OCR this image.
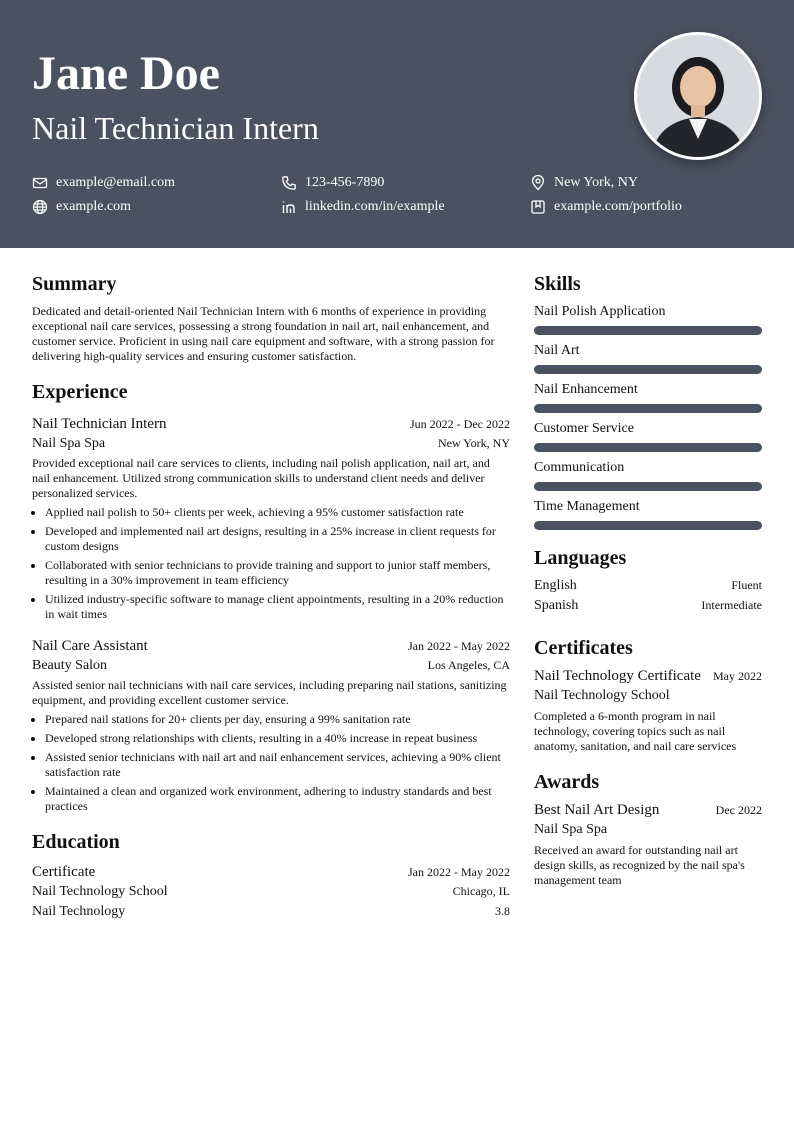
Jane Doe
Nail Technician Intern
example@email.com	123-456-7890	New York, NY
example.com	linkedin.com/in/example	example.com/portfolio
Summary

Dedicated and detail-oriented Nail Technician Intern with 6 months of experience in providing exceptional nail care services, possessing a strong foundation in nail art, nail enhancement, and customer service. Proficient in using nail care equipment and software, with a strong passion for delivering high-quality services and ensuring customer satisfaction.

Experience
Nail Technician Intern	Jun 2022 - Dec 2022
Nail Spa Spa	New York, NY

Provided exceptional nail care services to clients, including nail polish application, nail art, and nail enhancement. Utilized strong communication skills to understand client needs and deliver personalized services.

• Applied nail polish to 50+ clients per week, achieving a 95% customer satisfaction rate
• Developed and implemented nail art designs, resulting in a 25% increase in client requests for custom designs
• Collaborated with senior technicians to provide training and support to junior staff members, resulting in a 30% improvement in team efficiency
• Utilized industry-specific software to manage client appointments, resulting in a 20% reduction in wait times
Nail Care Assistant	Jan 2022 - May 2022
Beauty Salon	Los Angeles, CA

Assisted senior nail technicians with nail care services, including preparing nail stations, sanitizing equipment, and providing excellent customer service.

• Prepared nail stations for 20+ clients per day, ensuring a 99% sanitation rate
• Developed strong relationships with clients, resulting in a 40% increase in repeat business
• Assisted senior technicians with nail art and nail enhancement services, achieving a 90% client satisfaction rate
• Maintained a clean and organized work environment, adhering to industry standards and best practices
Education
Certificate	Jan 2022 - May 2022
Nail Technology School	Chicago, IL
Nail Technology	3.8
Skills
Nail Polish Application
Nail Art
Nail Enhancement
Customer Service
Communication
Time Management
Languages
English	Fluent
Spanish	Intermediate
Certificates
Nail Technology Certificate May 2022
Nail Technology School

Completed a 6-month program in nail technology, covering topics such as nail anatomy, sanitation, and nail care services

Awards
Best Nail Art Design	Dec 2022
Nail Spa Spa

Received an award for outstanding nail art design skills, as recognized by the nail spa's management team
